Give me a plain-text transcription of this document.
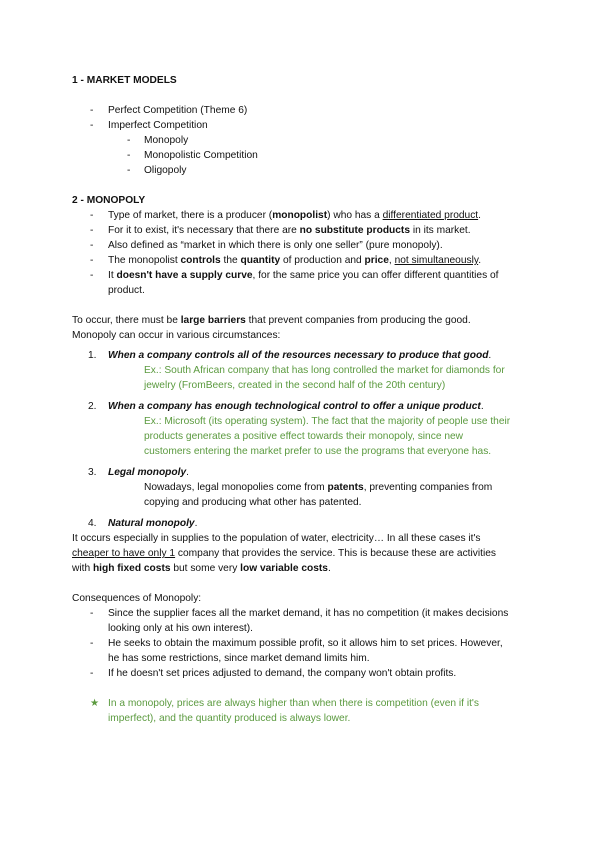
1 - MARKET MODELS

- Perfect Competition (Theme 6)
- Imperfect Competition
- Monopoly
- Monopolistic Competition
- Oligopoly

2 - MONOPOLY

- Type of market, there is a producer (monopolist) who has a differentiated product.
- For it to exist, it's necessary that there are no substitute products in its market.
- Also defined as “market in which there is only one seller” (pure monopoly).
- The monopolist controls the quantity of production and price, not simultaneously.
- It doesn't have a supply curve, for the same price you can offer different quantities of product.

To occur, there must be large barriers that prevent companies from producing the good. Monopoly can occur in various circumstances:

1. When a company controls all of the resources necessary to produce that good.
Ex.: South African company that has long controlled the market for diamonds for jewelry (FromBeers, created in the second half of the 20th century)
2. When a company has enough technological control to offer a unique product.
Ex.: Microsoft (its operating system). The fact that the majority of people use their products generates a positive effect towards their monopoly, since new customers entering the market prefer to use the programs that everyone has.
3. Legal monopoly.
Nowadays, legal monopolies come from patents, preventing companies from copying and producing what other has patented.
4. Natural monopoly.

It occurs especially in supplies to the population of water, electricity… In all these cases it's cheaper to have only 1 company that provides the service. This is because these are activities with high fixed costs but some very low variable costs.

Consequences of Monopoly:

- Since the supplier faces all the market demand, it has no competition (it makes decisions looking only at his own interest).
- He seeks to obtain the maximum possible profit, so it allows him to set prices. However, he has some restrictions, since market demand limits him.
- If he doesn't set prices adjusted to demand, the company won't obtain profits.
★ In a monopoly, prices are always higher than when there is competition (even if it's imperfect), and the quantity produced is always lower.
